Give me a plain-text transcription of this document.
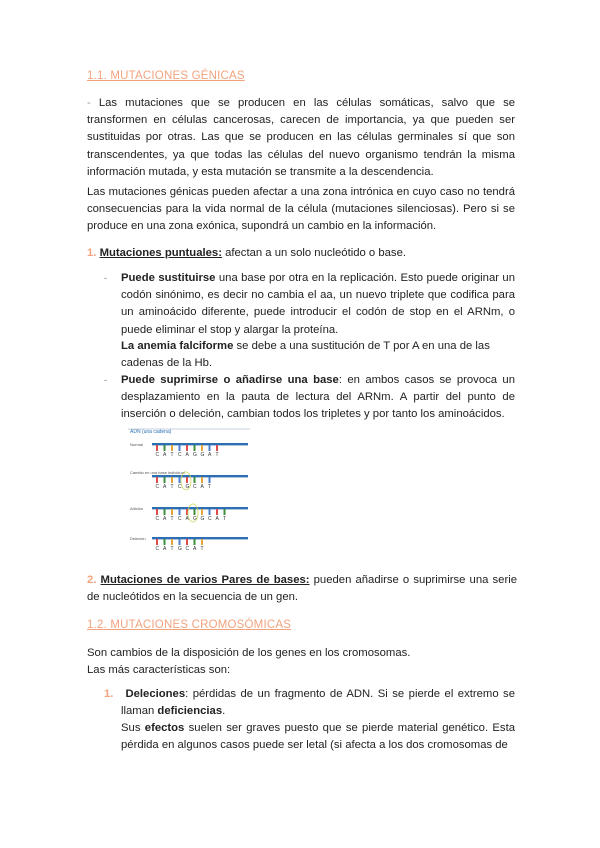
1.1. MUTACIONES GÉNICAS
- Las mutaciones que se producen en las células somáticas, salvo que se transformen en células cancerosas, carecen de importancia, ya que pueden ser sustituidas por otras. Las que se producen en las células germinales sí que son transcendentes, ya que todas las células del nuevo organismo tendrán la misma información mutada, y esta mutación se transmite a la descendencia.
Las mutaciones génicas pueden afectar a una zona intrónica en cuyo caso no tendrá consecuencias para la vida normal de la célula (mutaciones silenciosas). Pero si se produce en una zona exónica, supondrá un cambio en la información.
1. Mutaciones puntuales: afectan a un solo nucleótido o base.
- Puede sustituirse una base por otra en la replicación. Esto puede originar un codón sinónimo, es decir no cambia el aa, un nuevo triplete que codifica para un aminoácido diferente, puede introducir el codón de stop en el ARNm, o puede eliminar el stop y alargar la proteína.
La anemia falciforme se debe a una sustitución de T por A en una de las cadenas de la Hb.
- Puede suprimirse o añadirse una base: en ambos casos se provoca un desplazamiento en la pauta de lectura del ARNm. A partir del punto de inserción o deleción, cambian todos los tripletes y por tanto los aminoácidos.
ADN (una cadena)
Normal
C A T C A G G A T
Cambio en una base individual
C A T C G C A T
Adición
C A T C A G G C A T
Deleción
C A T G C A T
2. Mutaciones de varios Pares de bases: pueden añadirse o suprimirse una serie de nucleótidos en la secuencia de un gen.
1.2. MUTACIONES CROMOSÓMICAS
Son cambios de la disposición de los genes en los cromosomas. Las más características son:
1.	Deleciones: pérdidas de un fragmento de ADN. Si se pierde el extremo se llaman deficiencias.
Sus efectos suelen ser graves puesto que se pierde material genético. Esta pérdida en algunos casos puede ser letal (si afecta a los dos cromosomas de
